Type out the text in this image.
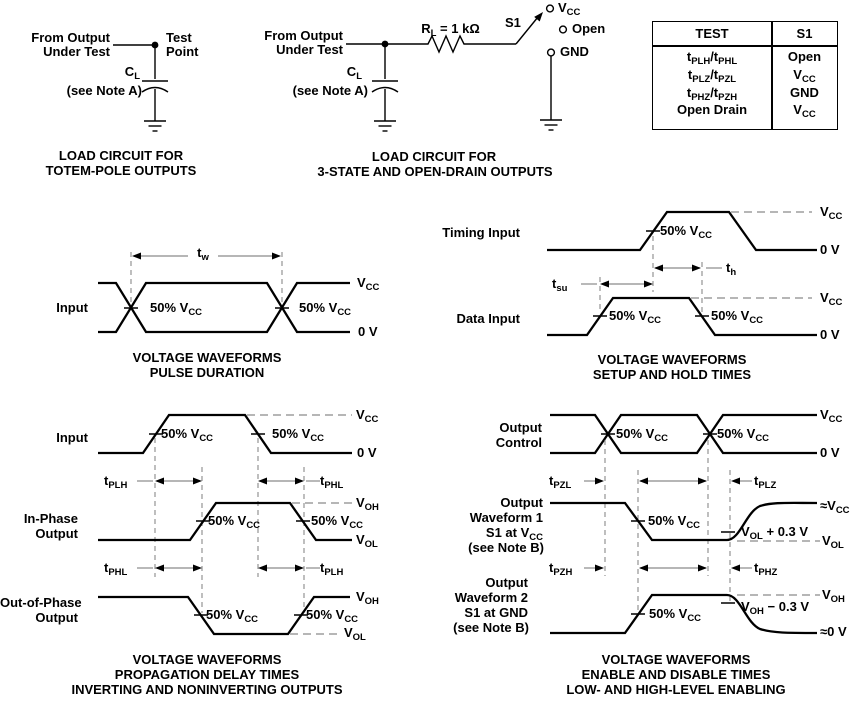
From Output
Under Test
Test
Point
$C_L$
(see Note A)
LOAD CIRCUIT FOR
TOTEM-POLE OUTPUTS
From Output
Under Test
$R_L = 1$ kΩ	S1
$V_{CC}$
Open
GND
$C_L$
(see Note A)
LOAD CIRCUIT FOR
3-STATE AND OPEN-DRAIN OUTPUTS
TEST	S1
$t_{PLH}/t_{PHL}$	Open
$t_{PLZ}/t_{PZL}$	$V_{CC}$
$t_{PHZ}/t_{PZH}$	GND
Open Drain	$V_{CC}$
Input
$t_w$
50% $V_{CC}$	50% $V_{CC}$
$V_{CC}$
0 V
VOLTAGE WAVEFORMS
PULSE DURATION
Timing Input	50% $V_{CC}$
$V_{CC}$
0 V
$t_h$
$t_{su}$
Data Input	50% $V_{CC}$	50% $V_{CC}$
$V_{CC}$
0 V
VOLTAGE WAVEFORMS
SETUP AND HOLD TIMES
Input	50% $V_{CC}$	50% $V_{CC}$
$V_{CC}$
0 V
$t_{PLH}$	$t_{PHL}$
In-Phase
Output
50% $V_{CC}$	50% $V_{CC}$
$V_{OH}$
$V_{OL}$
$t_{PHL}$	$t_{PLH}$
Out-of-Phase
Output	50% $V_{CC}$	50% $V_{CC}$
$V_{OH}$
$V_{OL}$
VOLTAGE WAVEFORMS
PROPAGATION DELAY TIMES
INVERTING AND NONINVERTING OUTPUTS
Output
Control
50% $V_{CC}$	50% $V_{CC}$
$V_{CC}$
0 V
$t_{PZL}$	$t_{PLZ}$
Output
Waveform 1
S1 at $V_{CC}$
(see Note B)
50% $V_{CC}$	$V_{OL} + 0.3$ V
$\approx V_{CC}$
$V_{OL}$
$t_{PZH}$	$t_{PHZ}$
Output
Waveform 2
S1 at GND
(see Note B)
50% $V_{CC}$
$V_{OH} - 0.3$ V
$V_{OH}$
≈0 V
VOLTAGE WAVEFORMS
ENABLE AND DISABLE TIMES
LOW- AND HIGH-LEVEL ENABLING
